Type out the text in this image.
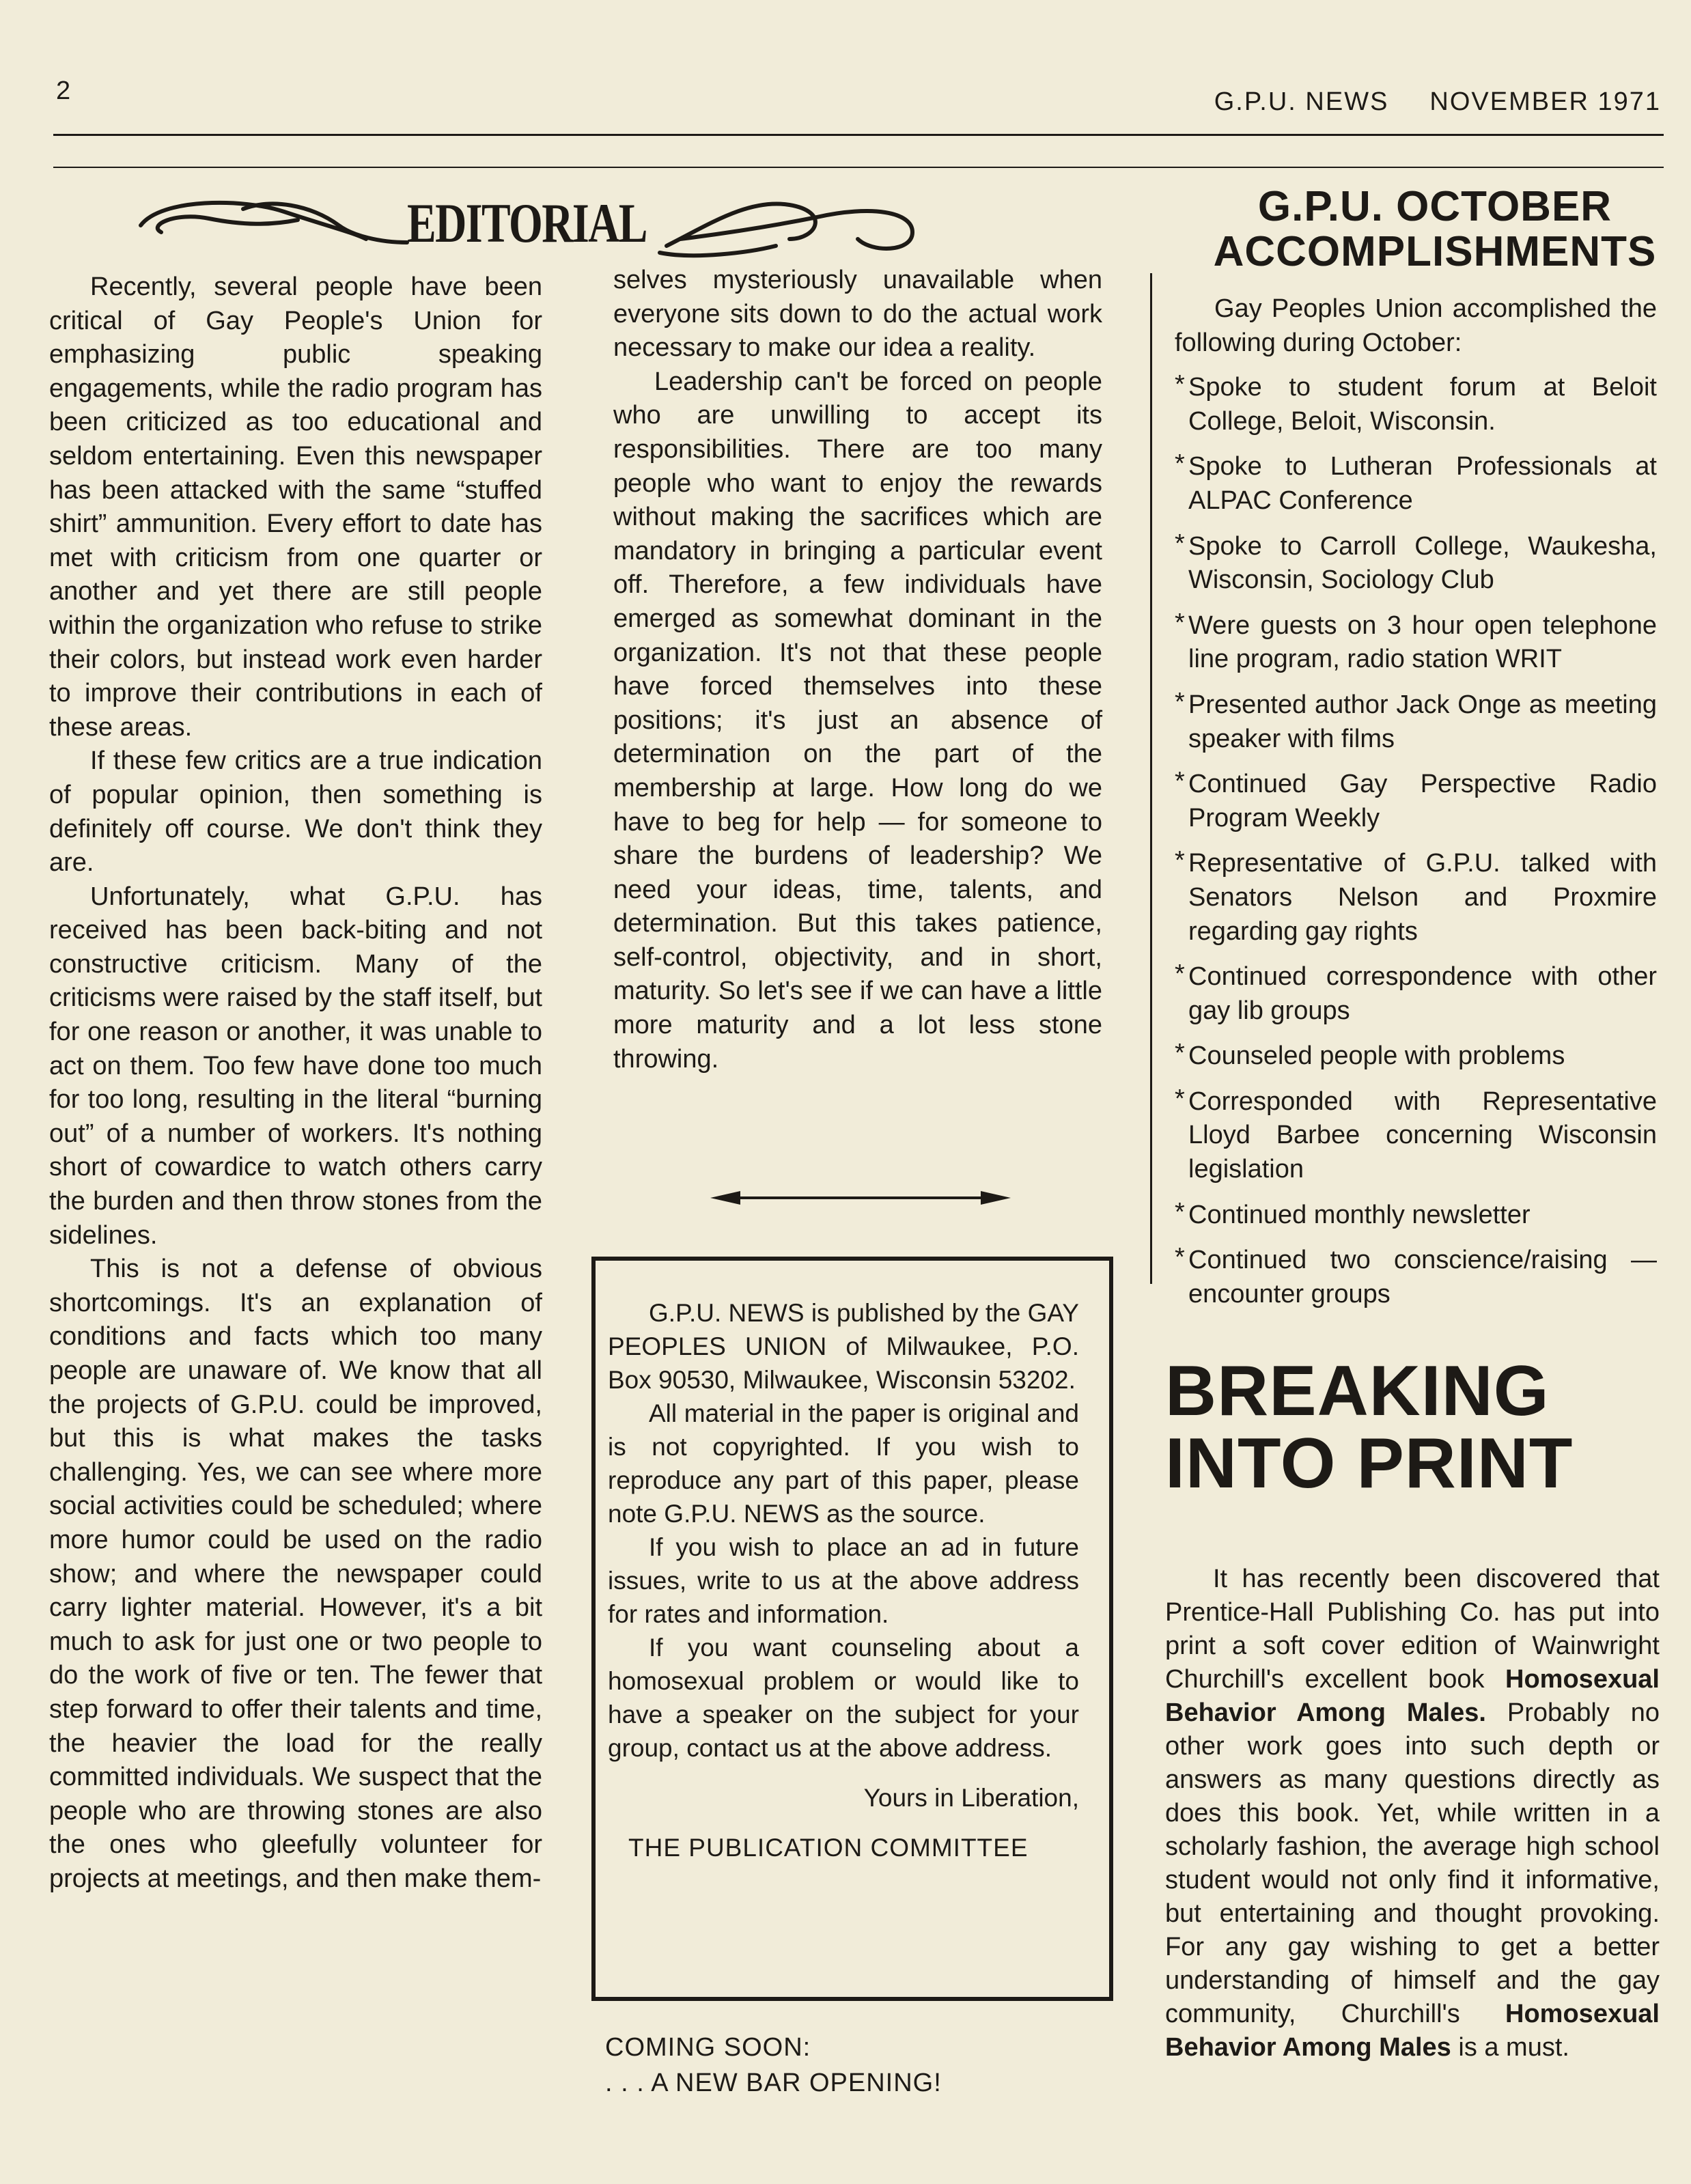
2	G.P.U. NEWS NOVEMBER 1971
EDITORIAL

Recently, several people have been critical of Gay People's Union for emphasizing public speaking engagements, while the radio program has been criticized as too educational and seldom entertaining. Even this newspaper has been attacked with the same “stuffed shirt” ammunition. Every effort to date has met with criticism from one quarter or another and yet there are still people within the organization who refuse to strike their colors, but instead work even harder to improve their contributions in each of these areas.

If these few critics are a true indication of popular opinion, then something is definitely off course. We don't think they are.

Unfortunately, what G.P.U. has received has been back-biting and not constructive criticism. Many of the criticisms were raised by the staff itself, but for one reason or another, it was unable to act on them. Too few have done too much for too long, resulting in the literal “burning out” of a number of workers. It's nothing short of cowardice to watch others carry the burden and then throw stones from the sidelines.

This is not a defense of obvious shortcomings. It's an explanation of conditions and facts which too many people are unaware of. We know that all the projects of G.P.U. could be improved, but this is what makes the tasks challenging. Yes, we can see where more social activities could be scheduled; where more humor could be used on the radio show; and where the newspaper could carry lighter material. However, it's a bit much to ask for just one or two people to do the work of five or ten. The fewer that step forward to offer their talents and time, the heavier the load for the really committed individuals. We suspect that the people who are throwing stones are also the ones who gleefully volunteer for projects at meetings, and then make them-

selves mysteriously unavailable when everyone sits down to do the actual work necessary to make our idea a reality.

Leadership can't be forced on people who are unwilling to accept its responsibilities. There are too many people who want to enjoy the rewards without making the sacrifices which are mandatory in bringing a particular event off. Therefore, a few individuals have emerged as somewhat dominant in the organization. It's not that these people have forced themselves into these positions; it's just an absence of determination on the part of the membership at large. How long do we have to beg for help — for someone to share the burdens of leadership? We need your ideas, time, talents, and determination. But this takes patience, self-control, objectivity, and in short, maturity. So let's see if we can have a little more maturity and a lot less stone throwing.

G.P.U. NEWS is published by the GAY PEOPLES UNION of Milwaukee, P.O. Box 90530, Milwaukee, Wisconsin 53202.

All material in the paper is original and is not copyrighted. If you wish to reproduce any part of this paper, please note G.P.U. NEWS as the source.

If you wish to place an ad in future issues, write to us at the above address for rates and information.

If you want counseling about a homosexual problem or would like to have a speaker on the subject for your group, contact us at the above address.

Yours in Liberation,

THE PUBLICATION COMMITTEE

COMING SOON:
. . . A NEW BAR OPENING!
G.P.U. OCTOBER
ACCOMPLISHMENTS

Gay Peoples Union accomplished the following during October:

* Spoke to student forum at Beloit College, Beloit, Wisconsin.
* Spoke to Lutheran Professionals at ALPAC Conference
* Spoke to Carroll College, Waukesha, Wisconsin, Sociology Club
* Were guests on 3 hour open telephone line program, radio station WRIT
* Presented author Jack Onge as meeting speaker with films
* Continued Gay Perspective Radio Program Weekly
* Representative of G.P.U. talked with Senators Nelson and Proxmire regarding gay rights
* Continued correspondence with other gay lib groups
* Counseled people with problems
* Corresponded with Representative Lloyd Barbee concerning Wisconsin legislation
* Continued monthly newsletter
* Continued two conscience/raising —encounter groups
BREAKING
INTO PRINT

It has recently been discovered that Prentice-Hall Publishing Co. has put into print a soft cover edition of Wainwright Churchill's excellent book Homosexual Behavior Among Males. Probably no other work goes into such depth or answers as many questions directly as does this book. Yet, while written in a scholarly fashion, the average high school student would not only find it informative, but entertaining and thought provoking. For any gay wishing to get a better understanding of himself and the gay community, Churchill's Homosexual Behavior Among Males is a must.
